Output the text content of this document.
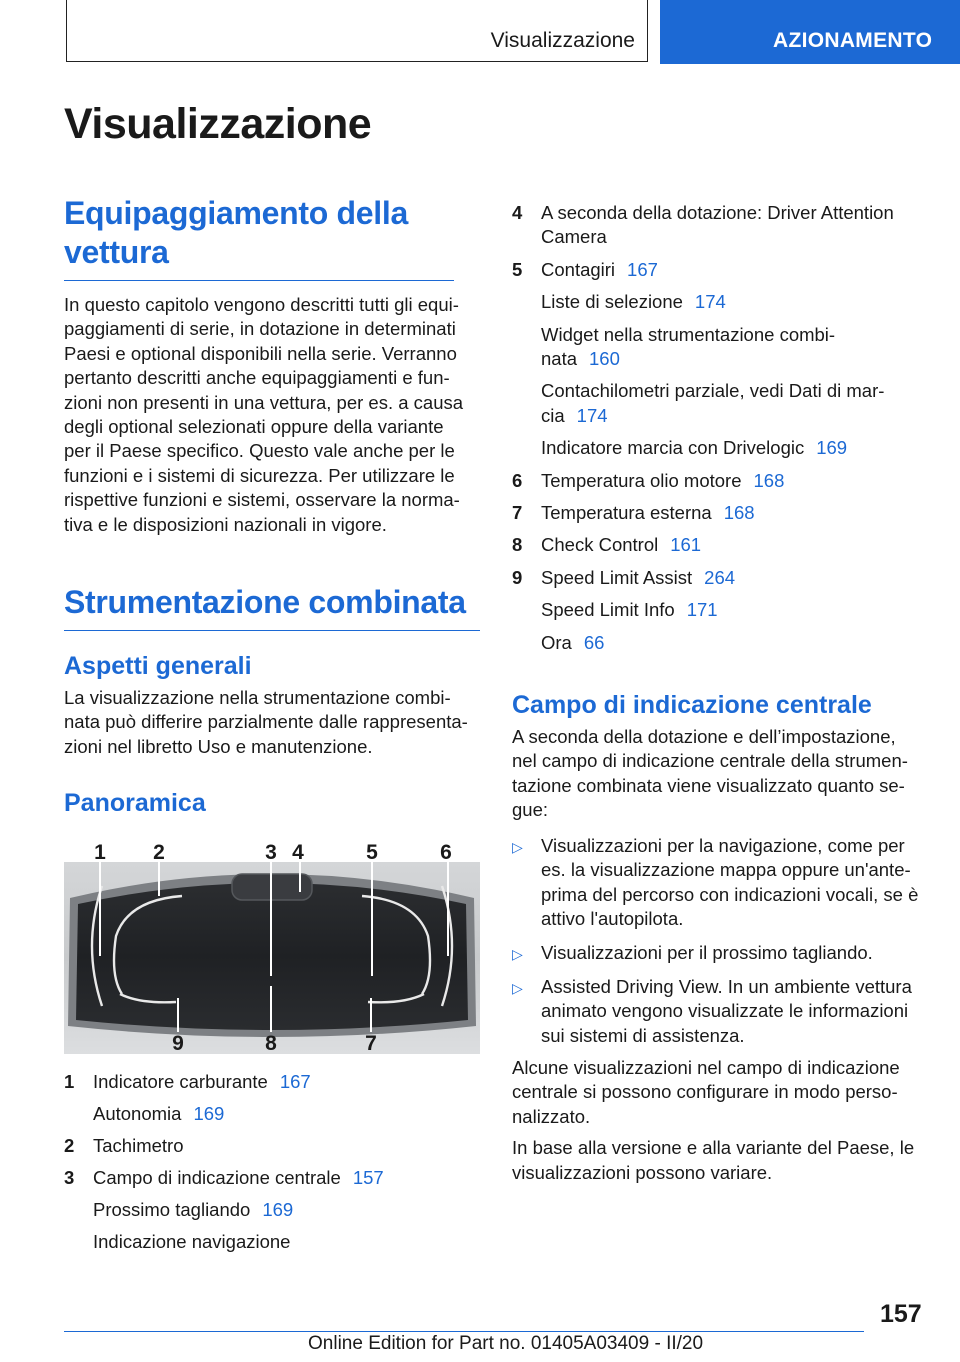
Visualizzazione	AZIONAMENTO
Visualizzazione
Equipaggiamento della vettura

In questo capitolo vengono descritti tutti gli equi-
paggiamenti di serie, in dotazione in determinati
Paesi e optional disponibili nella serie. Verranno
pertanto descritti anche equipaggiamenti e fun-
zioni non presenti in una vettura, per es. a causa
degli optional selezionati oppure della variante
per il Paese specifico. Questo vale anche per le
funzioni e i sistemi di sicurezza. Per utilizzare le
rispettive funzioni e sistemi, osservare la norma-
tiva e le disposizioni nazionali in vigore.

Strumentazione combinata
Aspetti generali

La visualizzazione nella strumentazione combi-
nata può differire parzialmente dalle rappresenta-
zioni nel libretto Uso e manutenzione.

Panoramica
1 2	3 4	5	6
9	8	7
1	Indicatore carburante 167
Autonomia 169
2	Tachimetro
3	Campo di indicazione centrale 157
Prossimo tagliando 169
Indicazione navigazione
4	A seconda della dotazione: Driver Attention
Camera
5	Contagiri 167
Liste di selezione 174
Widget nella strumentazione combi-
nata 160
Contachilometri parziale, vedi Dati di mar-
cia 174
Indicatore marcia con Drivelogic 169
6	Temperatura olio motore 168
7	Temperatura esterna 168
8	Check Control 161
9	Speed Limit Assist 264
Speed Limit Info 171
Ora 66
Campo di indicazione centrale

A seconda della dotazione e dell’impostazione,
nel campo di indicazione centrale della strumen-
tazione combinata viene visualizzato quanto se-
gue:

▷ Visualizzazioni per la navigazione, come per
es. la visualizzazione mappa oppure un'ante-
prima del percorso con indicazioni vocali, se è
attivo l'autopilota.
▷ Visualizzazioni per il prossimo tagliando.
▷ Assisted Driving View. In un ambiente vettura
animato vengono visualizzate le informazioni
sui sistemi di assistenza.

Alcune visualizzazioni nel campo di indicazione
centrale si possono configurare in modo perso-
nalizzato.

In base alla versione e alla variante del Paese, le
visualizzazioni possono variare.

157
Online Edition for Part no. 01405A03409 - II/20
